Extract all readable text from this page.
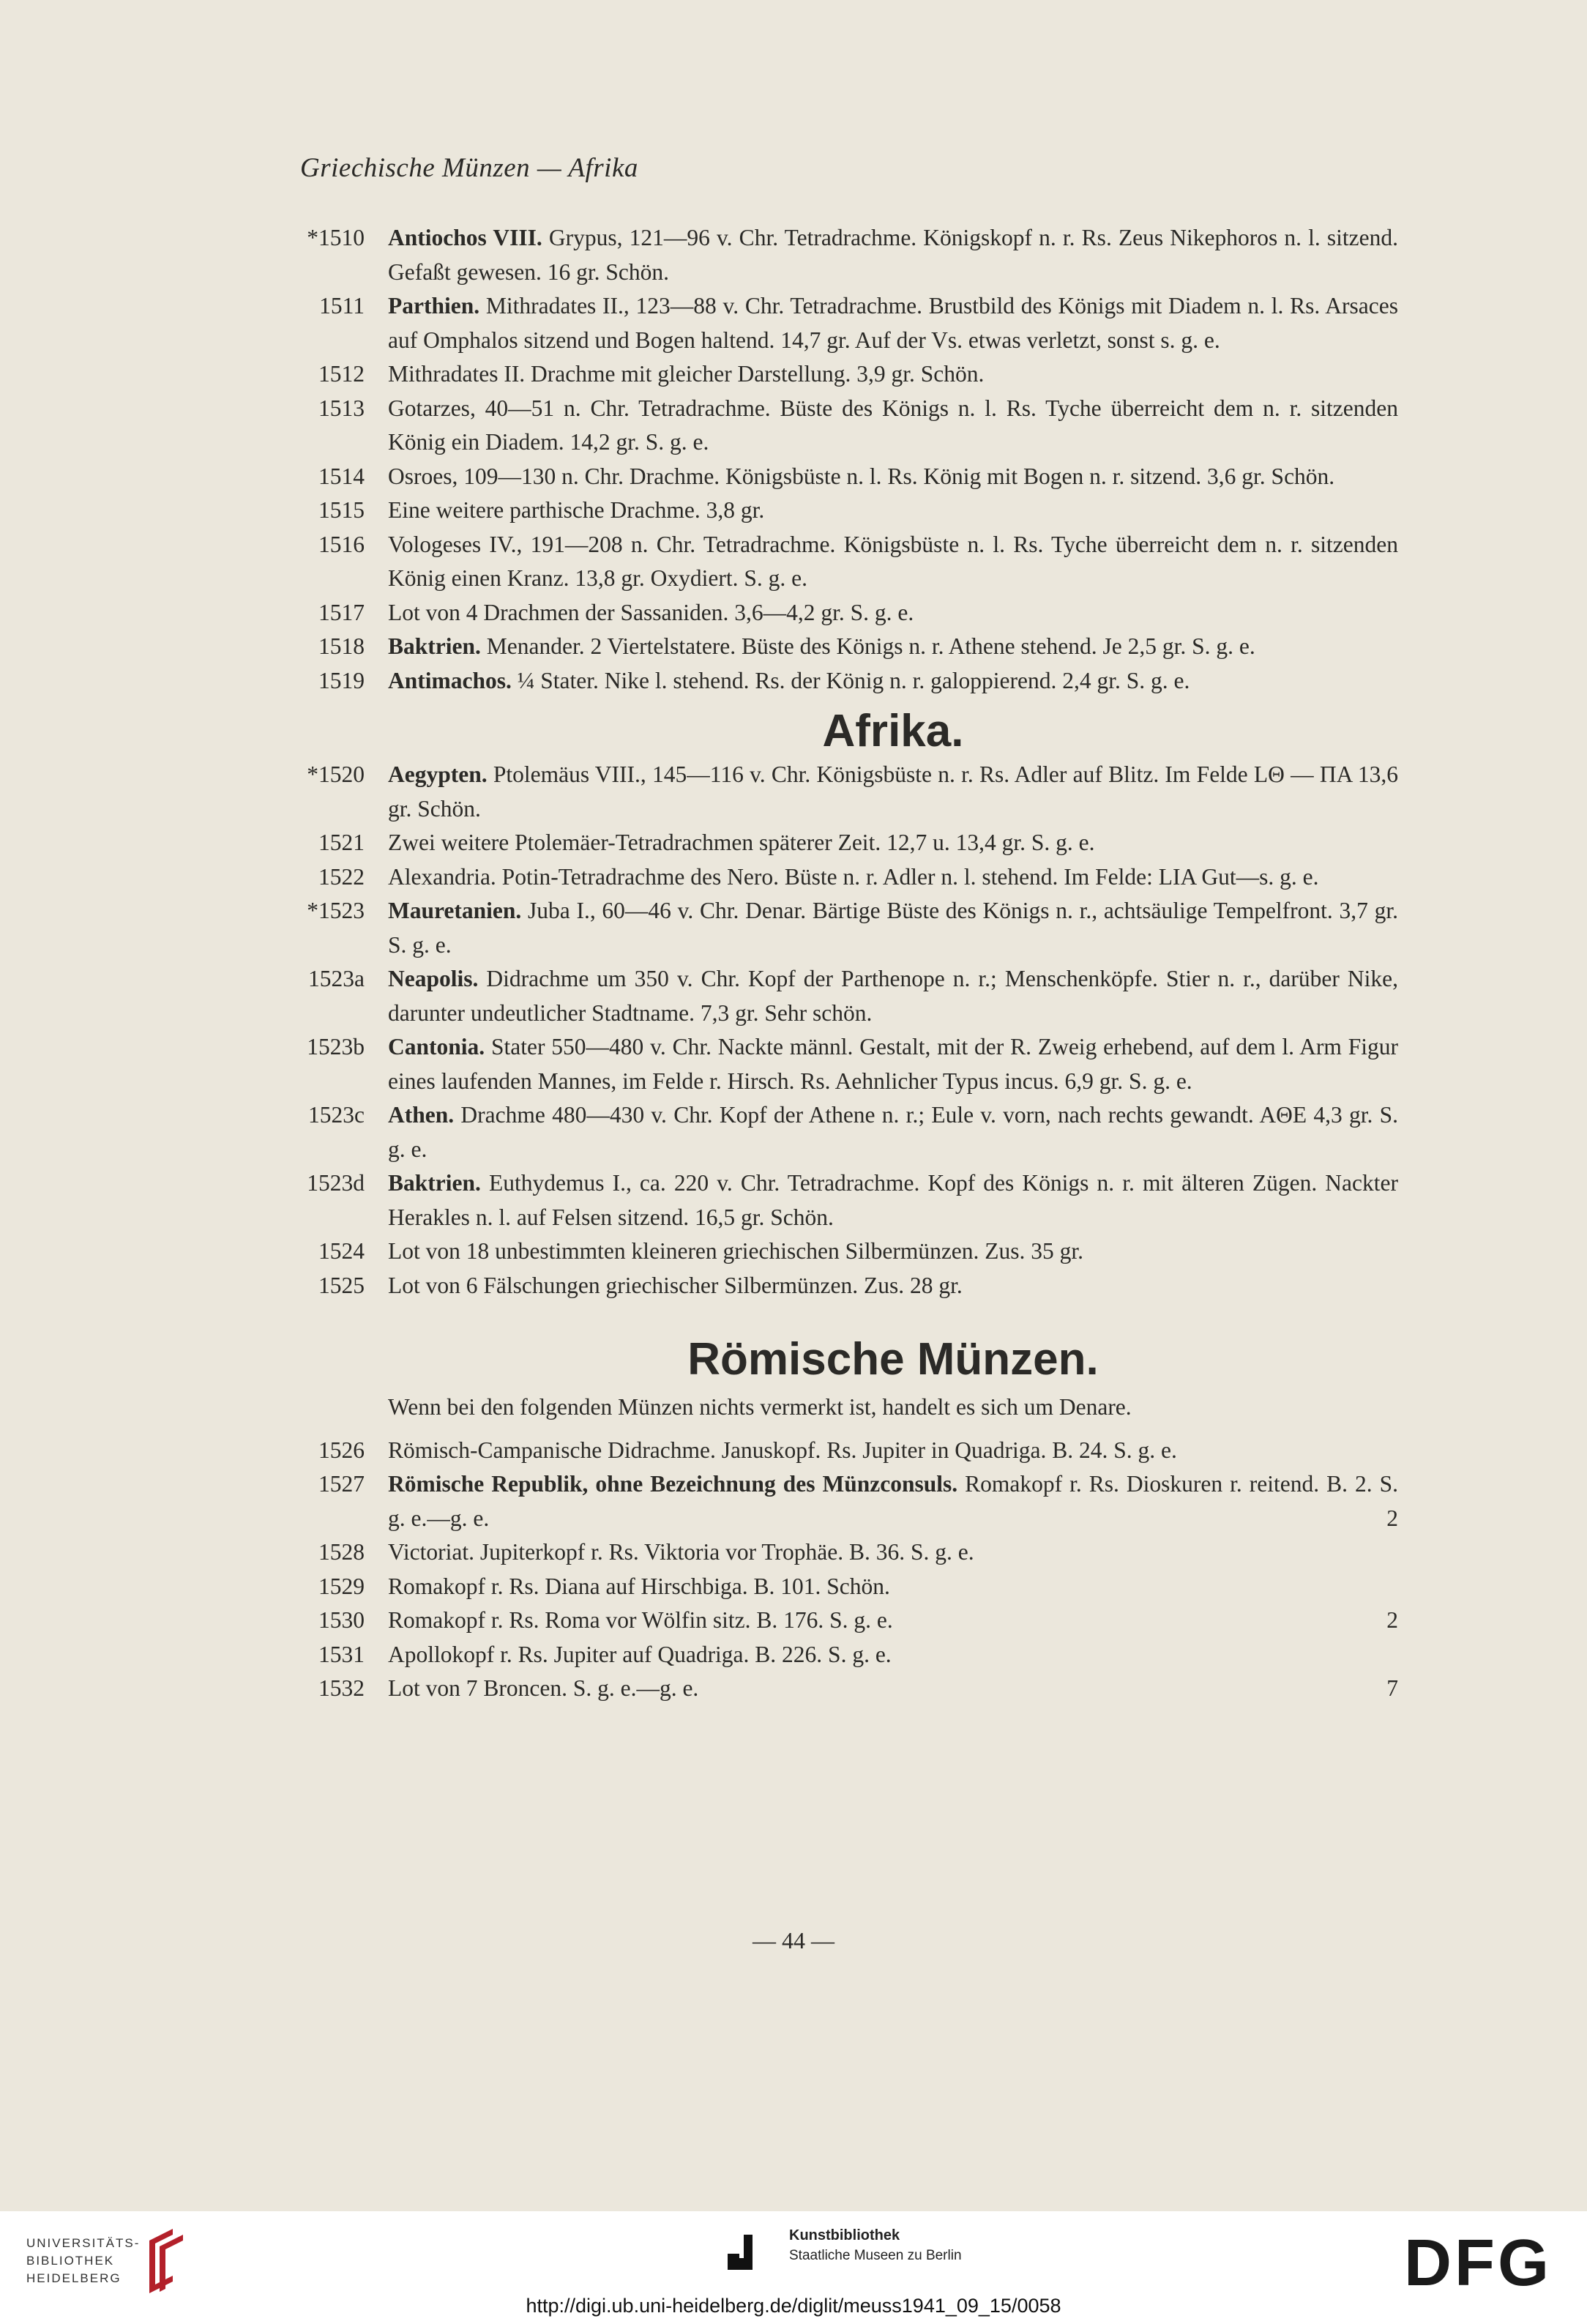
Griechische Münzen — Afrika
*1510	Antiochos VIII. Grypus, 121—96 v. Chr. Tetradrachme. Königskopf n. r. Rs. Zeus Nikephoros n. l. sitzend. Gefaßt gewesen. 16 gr. Schön.
1511	Parthien. Mithradates II., 123—88 v. Chr. Tetradrachme. Brustbild des Königs mit Diadem n. l. Rs. Arsaces auf Omphalos sitzend und Bogen haltend. 14,7 gr. Auf der Vs. etwas verletzt, sonst s. g. e.
1512	Mithradates II. Drachme mit gleicher Darstellung. 3,9 gr. Schön.
1513	Gotarzes, 40—51 n. Chr. Tetradrachme. Büste des Königs n. l. Rs. Tyche überreicht dem n. r. sitzenden König ein Diadem. 14,2 gr. S. g. e.
1514	Osroes, 109—130 n. Chr. Drachme. Königsbüste n. l. Rs. König mit Bogen n. r. sitzend. 3,6 gr. Schön.
1515	Eine weitere parthische Drachme. 3,8 gr.
1516	Vologeses IV., 191—208 n. Chr. Tetradrachme. Königsbüste n. l. Rs. Tyche überreicht dem n. r. sitzenden König einen Kranz. 13,8 gr. Oxydiert. S. g. e.
1517	Lot von 4 Drachmen der Sassaniden. 3,6—4,2 gr. S. g. e.
1518	Baktrien. Menander. 2 Viertelstatere. Büste des Königs n. r. Athene stehend. Je 2,5 gr. S. g. e.
1519	Antimachos. ¼ Stater. Nike l. stehend. Rs. der König n. r. galoppierend. 2,4 gr. S. g. e.
Afrika.
*1520	Aegypten. Ptolemäus VIII., 145—116 v. Chr. Königsbüste n. r. Rs. Adler auf Blitz. Im Felde LΘ — ΠΑ 13,6 gr. Schön.
1521	Zwei weitere Ptolemäer-Tetradrachmen späterer Zeit. 12,7 u. 13,4 gr. S. g. e.
1522	Alexandria. Potin-Tetradrachme des Nero. Büste n. r. Adler n. l. stehend. Im Felde: LIA Gut—s. g. e.
*1523	Mauretanien. Juba I., 60—46 v. Chr. Denar. Bärtige Büste des Königs n. r., achtsäulige Tempelfront. 3,7 gr. S. g. e.
1523a	Neapolis. Didrachme um 350 v. Chr. Kopf der Parthenope n. r.; Menschenköpfe. Stier n. r., darüber Nike, darunter undeutlicher Stadtname. 7,3 gr. Sehr schön.
1523b	Cantonia. Stater 550—480 v. Chr. Nackte männl. Gestalt, mit der R. Zweig erhebend, auf dem l. Arm Figur eines laufenden Mannes, im Felde r. Hirsch. Rs. Aehnlicher Typus incus. 6,9 gr. S. g. e.
1523c	Athen. Drachme 480—430 v. Chr. Kopf der Athene n. r.; Eule v. vorn, nach rechts gewandt. AΘE 4,3 gr. S. g. e.
1523d	Baktrien. Euthydemus I., ca. 220 v. Chr. Tetradrachme. Kopf des Königs n. r. mit älteren Zügen. Nackter Herakles n. l. auf Felsen sitzend. 16,5 gr. Schön.
1524	Lot von 18 unbestimmten kleineren griechischen Silbermünzen. Zus. 35 gr.
1525	Lot von 6 Fälschungen griechischer Silbermünzen. Zus. 28 gr.
Römische Münzen.
Wenn bei den folgenden Münzen nichts vermerkt ist, handelt es sich um Denare.
1526	Römisch-Campanische Didrachme. Januskopf. Rs. Jupiter in Quadriga. B. 24. S. g. e.
1527	Römische Republik, ohne Bezeichnung des Münzconsuls. Romakopf r. Rs. Dioskuren r. reitend. B. 2. S. g. e.—g. e.	2
1528	Victoriat. Jupiterkopf r. Rs. Viktoria vor Trophäe. B. 36. S. g. e.
1529	Romakopf r. Rs. Diana auf Hirschbiga. B. 101. Schön.
1530	Romakopf r. Rs. Roma vor Wölfin sitz. B. 176. S. g. e.	2
1531	Apollokopf r. Rs. Jupiter auf Quadriga. B. 226. S. g. e.
1532	Lot von 7 Broncen. S. g. e.—g. e.	7
— 44 —
UNIVERSITÄTS-
BIBLIOTHEK
HEIDELBERG
Kunstbibliothek
Staatliche Museen zu Berlin	DFG
http://digi.ub.uni-heidelberg.de/diglit/meuss1941_09_15/0058
